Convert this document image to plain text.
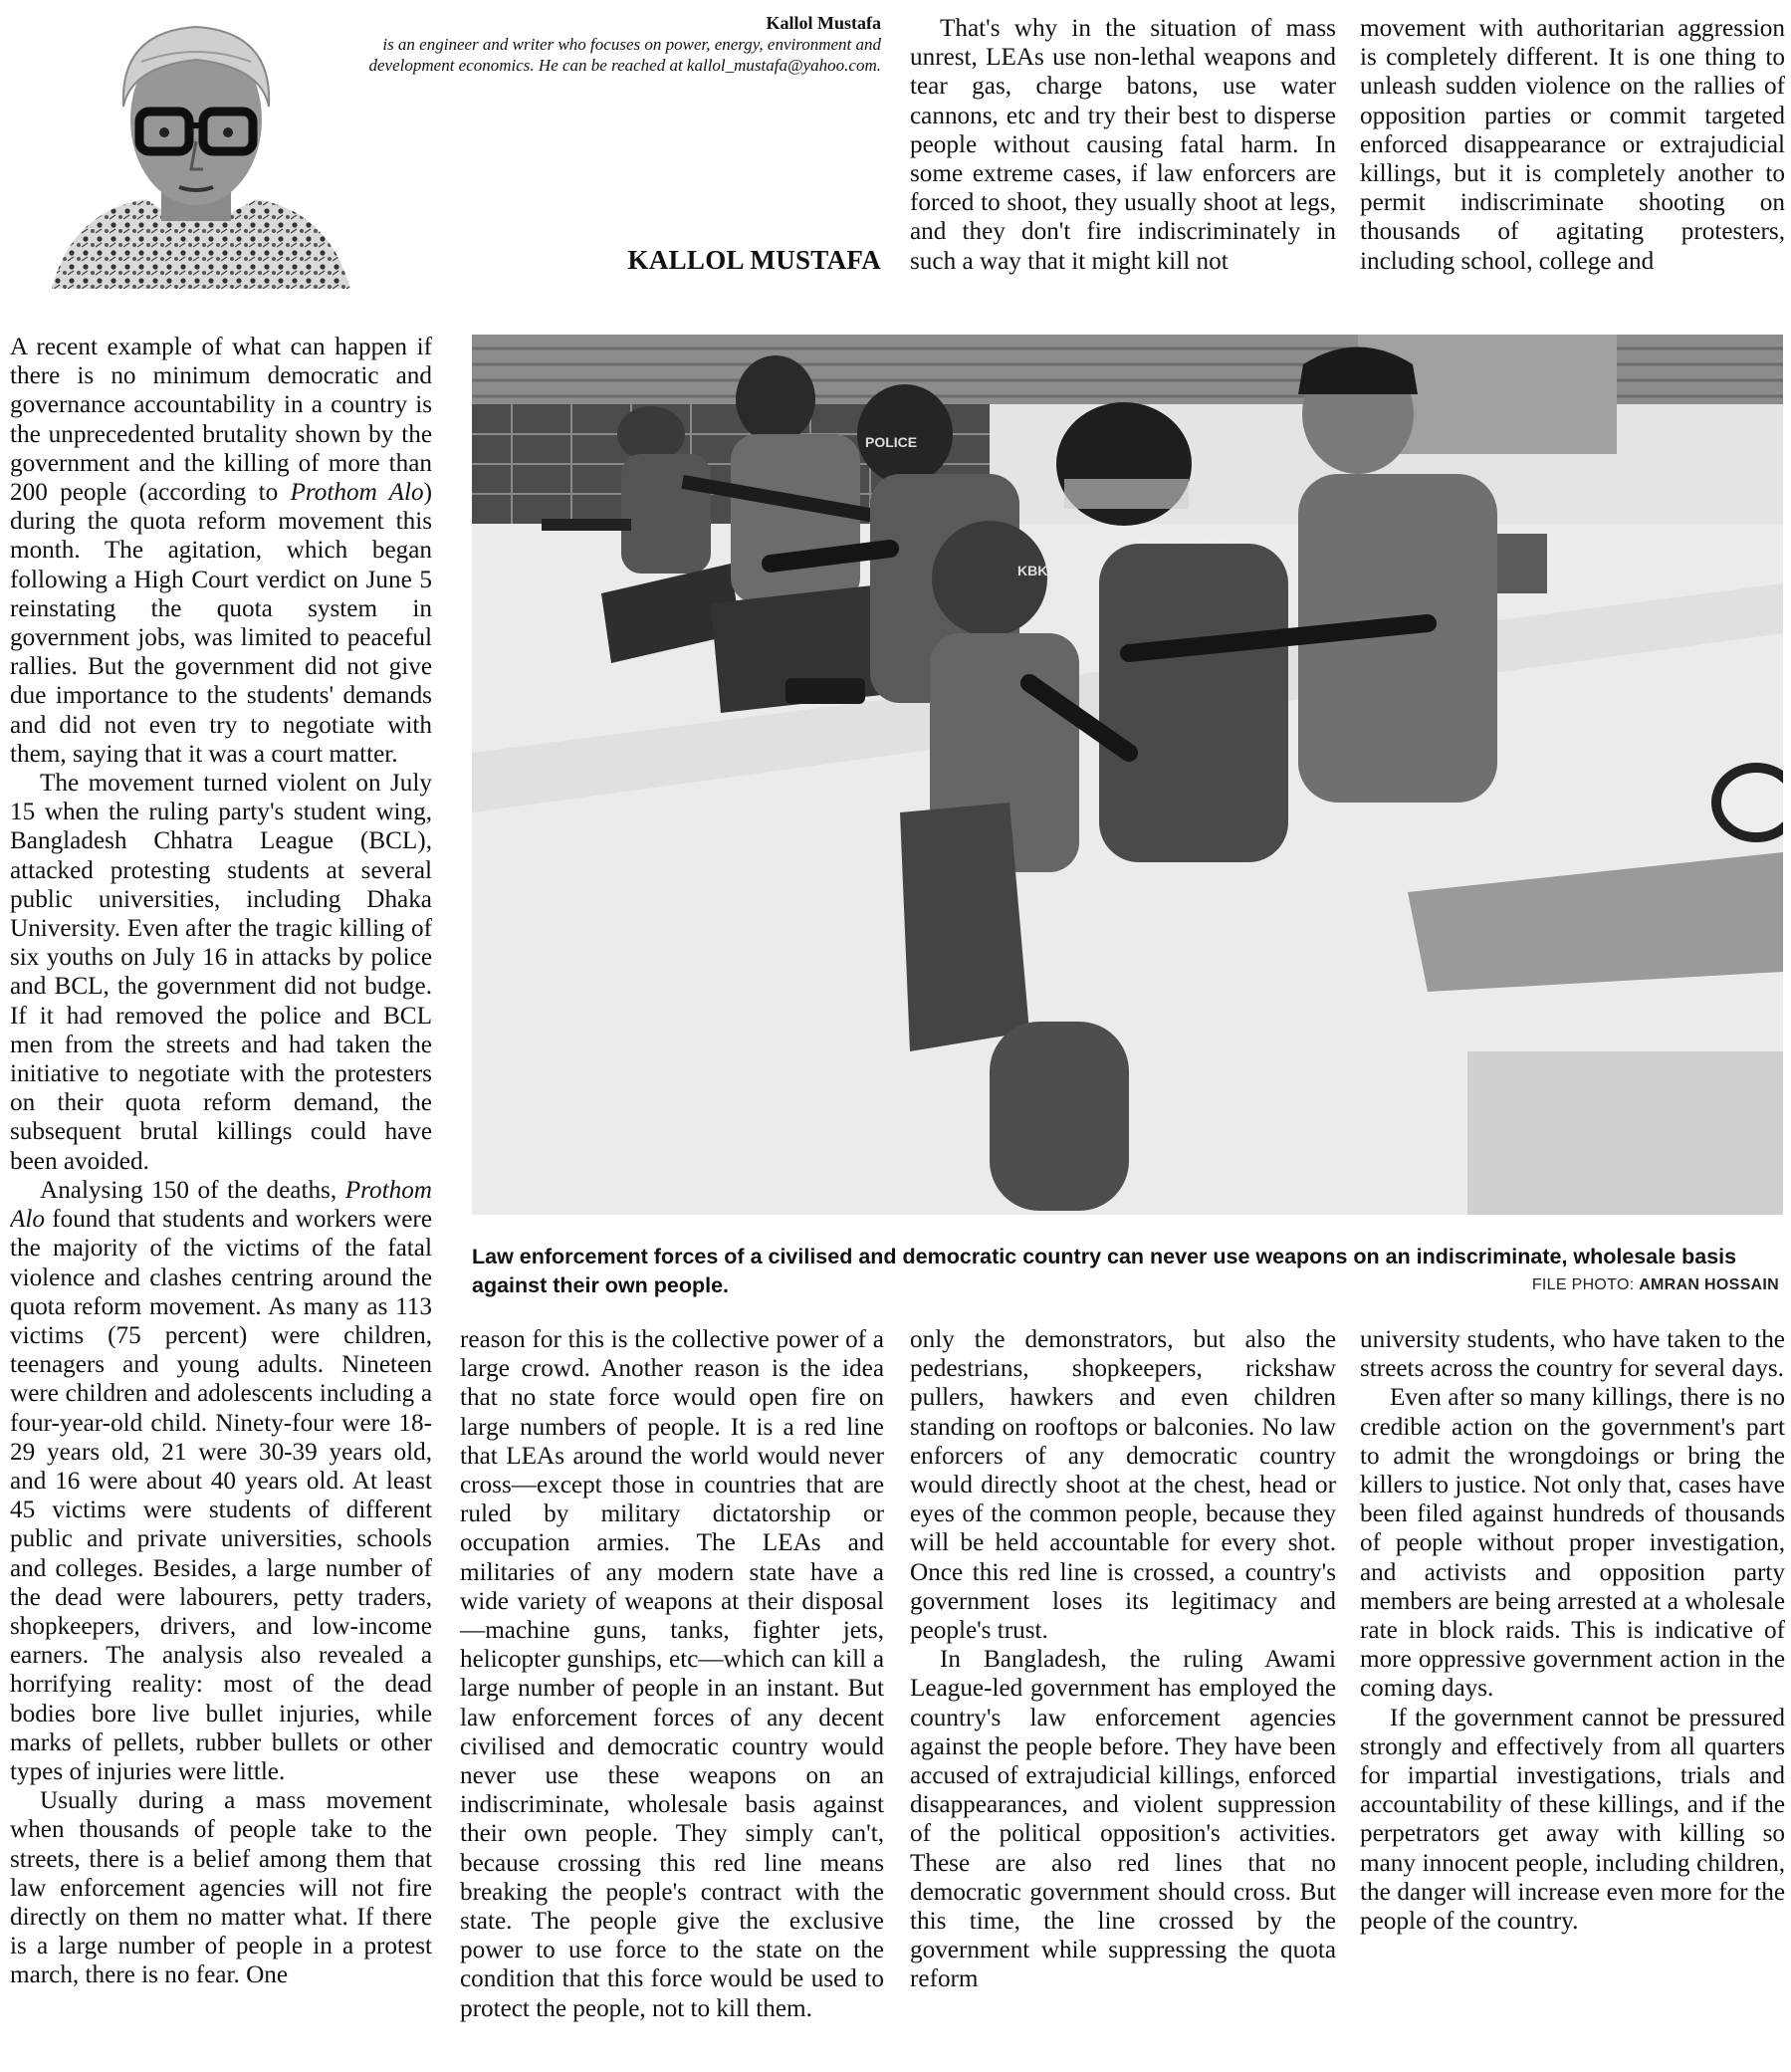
Kallol Mustafa
is an engineer and writer who focuses on power, energy, environment and development economics. He can be reached at kallol_mustafa@yahoo.com.
KALLOL MUSTAFA

That's why in the situation of mass unrest, LEAs use non-lethal weapons and tear gas, charge batons, use water cannons, etc and try their best to disperse people without causing fatal harm. In some extreme cases, if law enforcers are forced to shoot, they usually shoot at legs, and they don't fire indiscriminately in such a way that it might kill not

movement with authoritarian aggression is completely different. It is one thing to unleash sudden violence on the rallies of opposition parties or commit targeted enforced disappearance or extrajudicial killings, but it is completely another to permit indiscriminate shooting on thousands of agitating protesters, including school, college and

A recent example of what can happen if there is no minimum democratic and governance accountability in a country is the unprecedented brutality shown by the government and the killing of more than 200 people (according to Prothom Alo) during the quota reform movement this month. The agitation, which began following a High Court verdict on June 5 reinstating the quota system in government jobs, was limited to peaceful rallies. But the government did not give due importance to the students' demands and did not even try to negotiate with them, saying that it was a court matter.

The movement turned violent on July 15 when the ruling party's student wing, Bangladesh Chhatra League (BCL), attacked protesting students at several public universities, including Dhaka University. Even after the tragic killing of six youths on July 16 in attacks by police and BCL, the government did not budge. If it had removed the police and BCL men from the streets and had taken the initiative to negotiate with the protesters on their quota reform demand, the subsequent brutal killings could have been avoided.

Analysing 150 of the deaths, Prothom Alo found that students and workers were the majority of the victims of the fatal violence and clashes centring around the quota reform movement. As many as 113 victims (75 percent) were children, teenagers and young adults. Nineteen were children and adolescents including a four-year-old child. Ninety-four were 18-29 years old, 21 were 30-39 years old, and 16 were about 40 years old. At least 45 victims were students of different public and private universities, schools and colleges. Besides, a large number of the dead were labourers, petty traders, shopkeepers, drivers, and low-income earners. The analysis also revealed a horrifying reality: most of the dead bodies bore live bullet injuries, while marks of pellets, rubber bullets or other types of injuries were little.

Usually during a mass movement when thousands of people take to the streets, there is a belief among them that law enforcement agencies will not fire directly on them no matter what. If there is a large number of people in a protest march, there is no fear. One

POLICE
KBK
Law enforcement forces of a civilised and democratic country can never use weapons on an indiscriminate, wholesale basis against their own people.	FILE PHOTO: AMRAN HOSSAIN

reason for this is the collective power of a large crowd. Another reason is the idea that no state force would open fire on large numbers of people. It is a red line that LEAs around the world would never cross—except those in countries that are ruled by military dictatorship or occupation armies. The LEAs and militaries of any modern state have a wide variety of weapons at their disposal—machine guns, tanks, fighter jets, helicopter gunships, etc—which can kill a large number of people in an instant. But law enforcement forces of any decent civilised and democratic country would never use these weapons on an indiscriminate, wholesale basis against their own people. They simply can't, because crossing this red line means breaking the people's contract with the state. The people give the exclusive power to use force to the state on the condition that this force would be used to protect the people, not to kill them.

only the demonstrators, but also the pedestrians, shopkeepers, rickshaw pullers, hawkers and even children standing on rooftops or balconies. No law enforcers of any democratic country would directly shoot at the chest, head or eyes of the common people, because they will be held accountable for every shot. Once this red line is crossed, a country's government loses its legitimacy and people's trust.

In Bangladesh, the ruling Awami League-led government has employed the country's law enforcement agencies against the people before. They have been accused of extrajudicial killings, enforced disappearances, and violent suppression of the political opposition's activities. These are also red lines that no democratic government should cross. But this time, the line crossed by the government while suppressing the quota reform

university students, who have taken to the streets across the country for several days.

Even after so many killings, there is no credible action on the government's part to admit the wrongdoings or bring the killers to justice. Not only that, cases have been filed against hundreds of thousands of people without proper investigation, and activists and opposition party members are being arrested at a wholesale rate in block raids. This is indicative of more oppressive government action in the coming days.

If the government cannot be pressured strongly and effectively from all quarters for impartial investigations, trials and accountability of these killings, and if the perpetrators get away with killing so many innocent people, including children, the danger will increase even more for the people of the country.
